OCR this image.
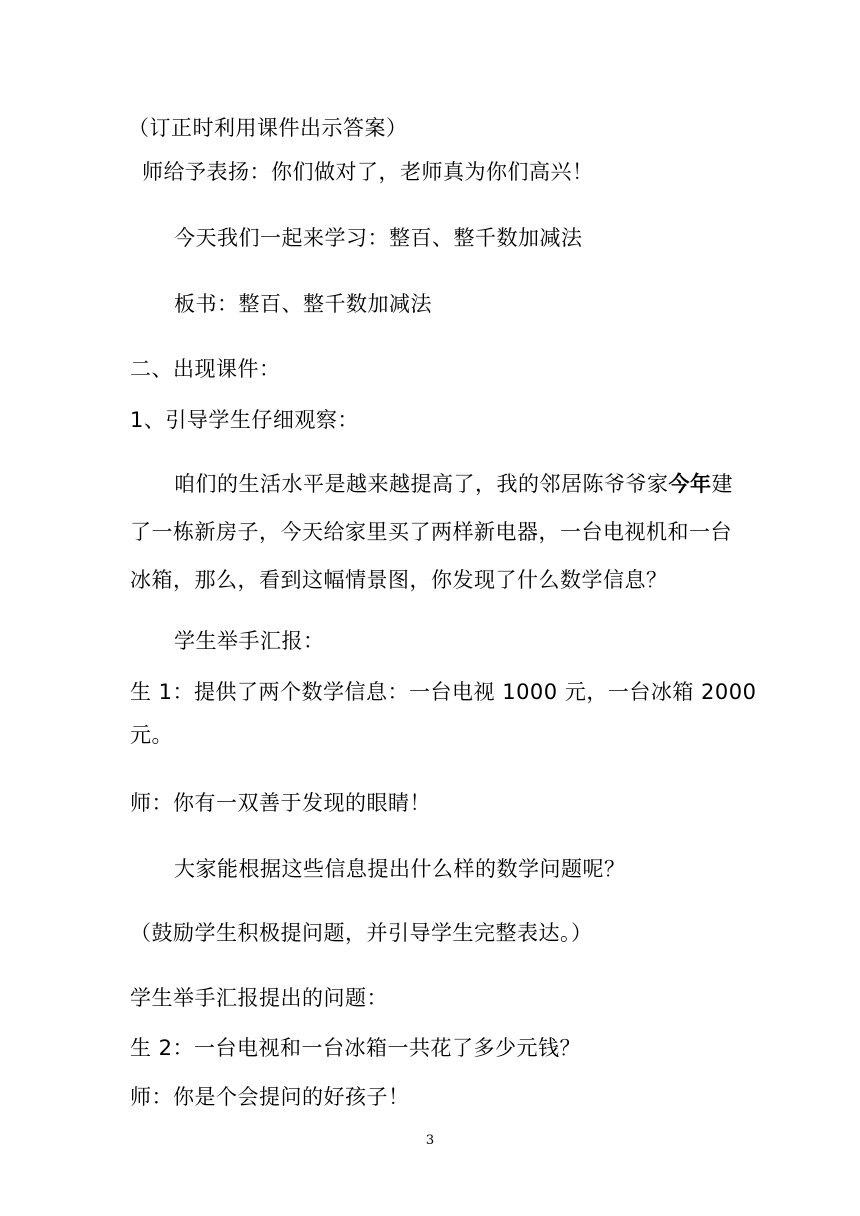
（订正时利用课件出示答案）
师给予表扬：你们做对了，老师真为你们高兴！
今天我们一起来学习：整百、整千数加减法
板书：整百、整千数加减法
二、出现课件：
1、引导学生仔细观察：
咱们的生活水平是越来越提高了，我的邻居陈爷爷家今年建
了一栋新房子，今天给家里买了两样新电器，一台电视机和一台
冰箱，那么，看到这幅情景图，你发现了什么数学信息？
学生举手汇报：
生 1：提供了两个数学信息：一台电视 1000 元，一台冰箱 2000
元。
师：你有一双善于发现的眼睛！
大家能根据这些信息提出什么样的数学问题呢？
（鼓励学生积极提问题，并引导学生完整表达。）
学生举手汇报提出的问题：
生 2：一台电视和一台冰箱一共花了多少元钱？
师：你是个会提问的好孩子！
3
